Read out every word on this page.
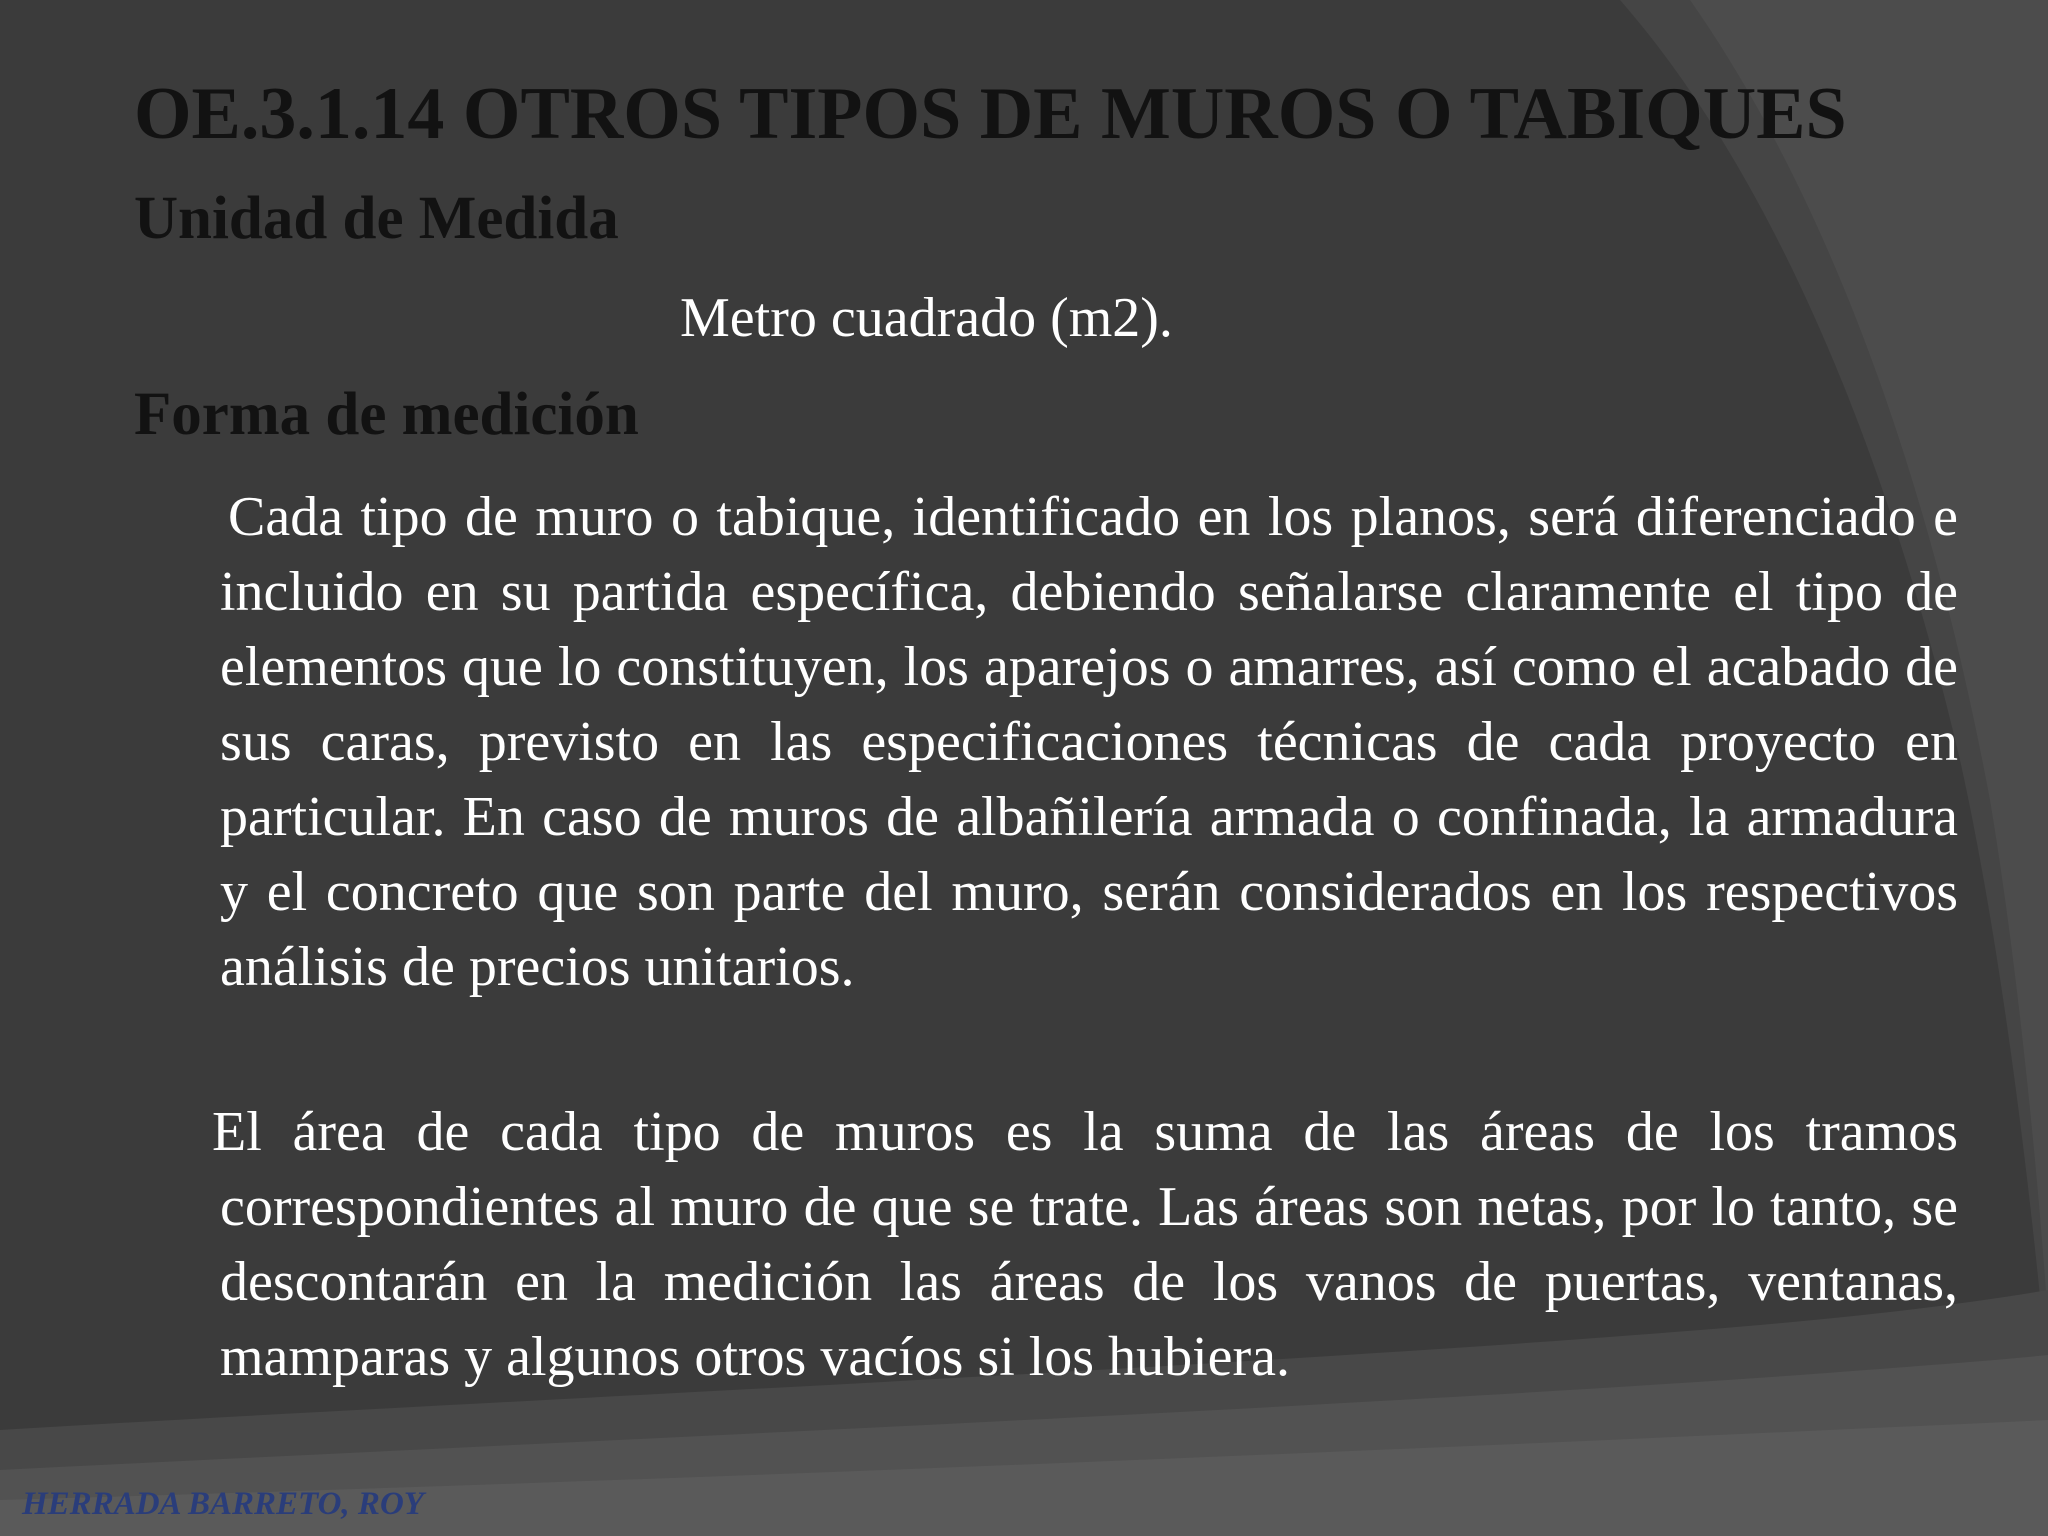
OE.3.1.14 OTROS TIPOS DE MUROS O TABIQUES
Unidad de Medida

Metro cuadrado (m2).

Forma de medición

Cada tipo de muro o tabique, identificado en los planos, será diferenciado e incluido en su partida específica, debiendo señalarse claramente el tipo de elementos que lo constituyen, los aparejos o amarres, así como el acabado de sus caras, previsto en las especificaciones técnicas de cada proyecto en particular. En caso de muros de albañilería armada o confinada, la armadura y el concreto que son parte del muro, serán considerados en los respectivos análisis de precios unitarios.

El área de cada tipo de muros es la suma de las áreas de los tramos correspondientes al muro de que se trate. Las áreas son netas, por lo tanto, se descontarán en la medición las áreas de los vanos de puertas, ventanas, mamparas y algunos otros vacíos si los hubiera.

HERRADA BARRETO, ROY
